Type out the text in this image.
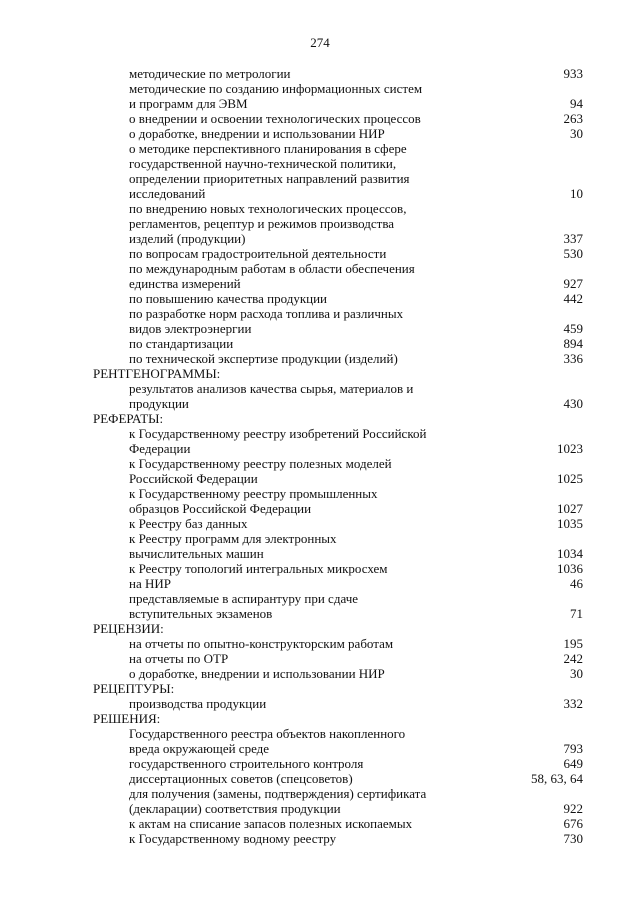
274
методические по метрологии	933
методические по созданию информационных систем
и программ для ЭВМ	94
о внедрении и освоении технологических процессов	263
о доработке, внедрении и использовании НИР	30
о методике перспективного планирования в сфере
государственной научно-технической политики,
определении приоритетных направлений развития
исследований	10
по внедрению новых технологических процессов,
регламентов, рецептур и режимов производства
изделий (продукции)	337
по вопросам градостроительной деятельности	530
по международным работам в области обеспечения
единства измерений	927
по повышению качества продукции	442
по разработке норм расхода топлива и различных
видов электроэнергии	459
по стандартизации	894
по технической экспертизе продукции (изделий)	336
РЕНТГЕНОГРАММЫ:
результатов анализов качества сырья, материалов и
продукции	430
РЕФЕРАТЫ:
к Государственному реестру изобретений Российской
Федерации	1023
к Государственному реестру полезных моделей
Российской Федерации	1025
к Государственному реестру промышленных
образцов Российской Федерации	1027
к Реестру баз данных	1035
к Реестру программ для электронных
вычислительных машин	1034
к Реестру топологий интегральных микросхем	1036
на НИР	46
представляемые в аспирантуру при сдаче
вступительных экзаменов	71
РЕЦЕНЗИИ:
на отчеты по опытно-конструкторским работам	195
на отчеты по ОТР	242
о доработке, внедрении и использовании НИР	30
РЕЦЕПТУРЫ:
производства продукции	332
РЕШЕНИЯ:
Государственного реестра объектов накопленного
вреда окружающей среде	793
государственного строительного контроля	649
диссертационных советов (спецсоветов)	58, 63, 64
для получения (замены, подтверждения) сертификата
(декларации) соответствия продукции	922
к актам на списание запасов полезных ископаемых	676
к Государственному водному реестру	730
